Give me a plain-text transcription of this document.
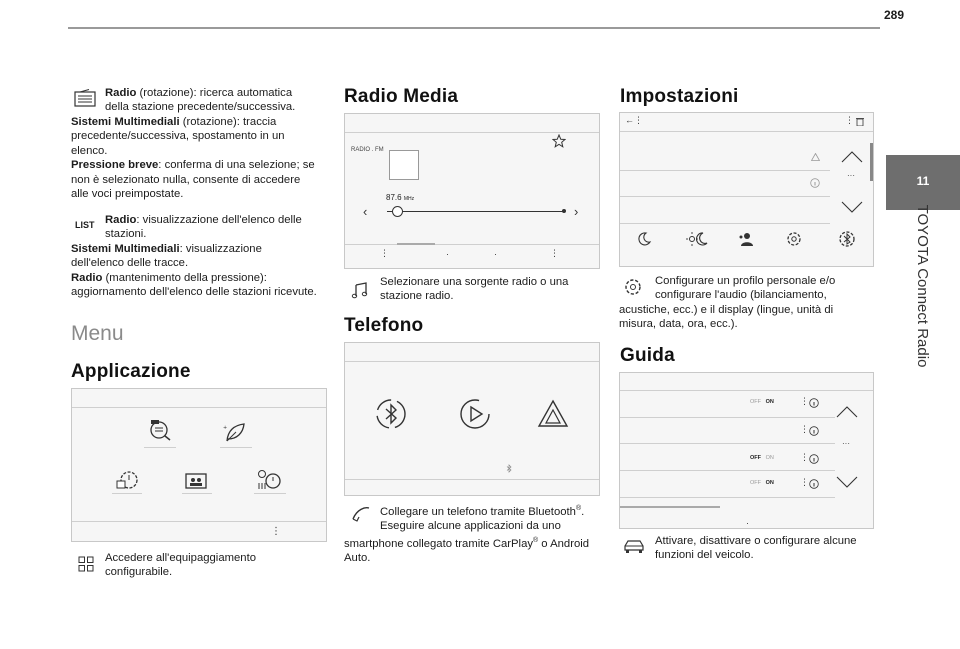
289
11
TOYOTA Connect Radio
Radio (rotazione): ricerca automatica
della stazione precedente/successiva.
Sistemi Multimediali (rotazione): traccia
precedente/successiva, spostamento in un
elenco.
Pressione breve: conferma di una selezione; se
non è selezionato nulla, consente di accedere
alle voci preimpostate.
LIST Radio: visualizzazione dell'elenco delle
stazioni.
Sistemi Multimediali: visualizzazione
dell'elenco delle tracce.
Radio (mantenimento della pressione):
aggiornamento dell'elenco delle stazioni ricevute.
Menu
Applicazione
+
⋮
Accedere all'equipaggiamento
configurabile.
Radio Media
RADIO . FM
87.6 MHz
‹	›
⋮	·	·	⋮
Selezionare una sorgente radio o una
stazione radio.
Telefono
Collegare un telefono tramite Bluetooth®.
Eseguire alcune applicazioni da uno
smartphone collegato tramite CarPlay® o Android
Auto.
Impostazioni
←⋮	⋮
···
Configurare un profilo personale e/o
configurare l'audio (bilanciamento,
acustiche, ecc.) e il display (lingue, unità di
misura, data, ora, ecc.).
Guida
·
OFF ON	⋮
⋮
OFF ON	⋮
OFF ON	⋮
···
Attivare, disattivare o configurare alcune
funzioni del veicolo.
